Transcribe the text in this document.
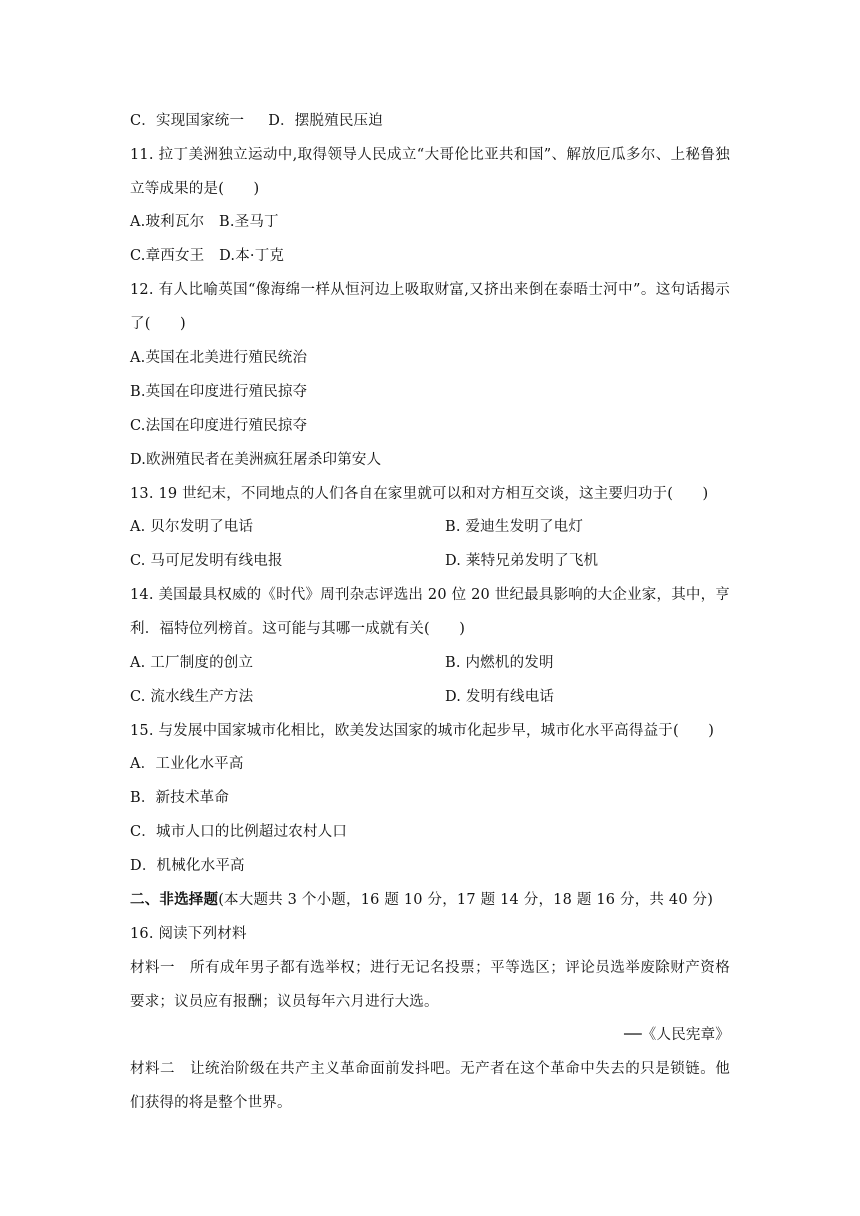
C．实现国家统一 D．摆脱殖民压迫
11. 拉丁美洲独立运动中,取得领导人民成立“大哥伦比亚共和国”、解放厄瓜多尔、上秘鲁独
立等成果的是(　　)
A.玻利瓦尔　B.圣马丁
C.章西女王　D.本·丁克
12. 有人比喻英国“像海绵一样从恒河边上吸取财富,又挤出来倒在泰晤士河中”。这句话揭示
了(　　)
A.英国在北美进行殖民统治
B.英国在印度进行殖民掠夺
C.法国在印度进行殖民掠夺
D.欧洲殖民者在美洲疯狂屠杀印第安人
13. 19 世纪末，不同地点的人们各自在家里就可以和对方相互交谈，这主要归功于(　　)
A. 贝尔发明了电话	B. 爱迪生发明了电灯
C. 马可尼发明有线电报	D. 莱特兄弟发明了飞机
14. 美国最具权威的《时代》周刊杂志评选出 20 位 20 世纪最具影响的大企业家，其中，亨
利．福特位列榜首。这可能与其哪一成就有关(　　)
A. 工厂制度的创立	B. 内燃机的发明
C. 流水线生产方法	D. 发明有线电话
15. 与发展中国家城市化相比，欧美发达国家的城市化起步早，城市化水平高得益于(　　)
A．工业化水平高
B．新技术革命
C．城市人口的比例超过农村人口
D．机械化水平高
二、非选择题(本大题共 3 个小题，16 题 10 分，17 题 14 分，18 题 16 分，共 40 分)
16. 阅读下列材料
材料一　所有成年男子都有选举权；进行无记名投票；平等选区；评论员选举废除财产资格
要求；议员应有报酬；议员每年六月进行大选。
──《人民宪章》
材料二　让统治阶级在共产主义革命面前发抖吧。无产者在这个革命中失去的只是锁链。他
们获得的将是整个世界。
